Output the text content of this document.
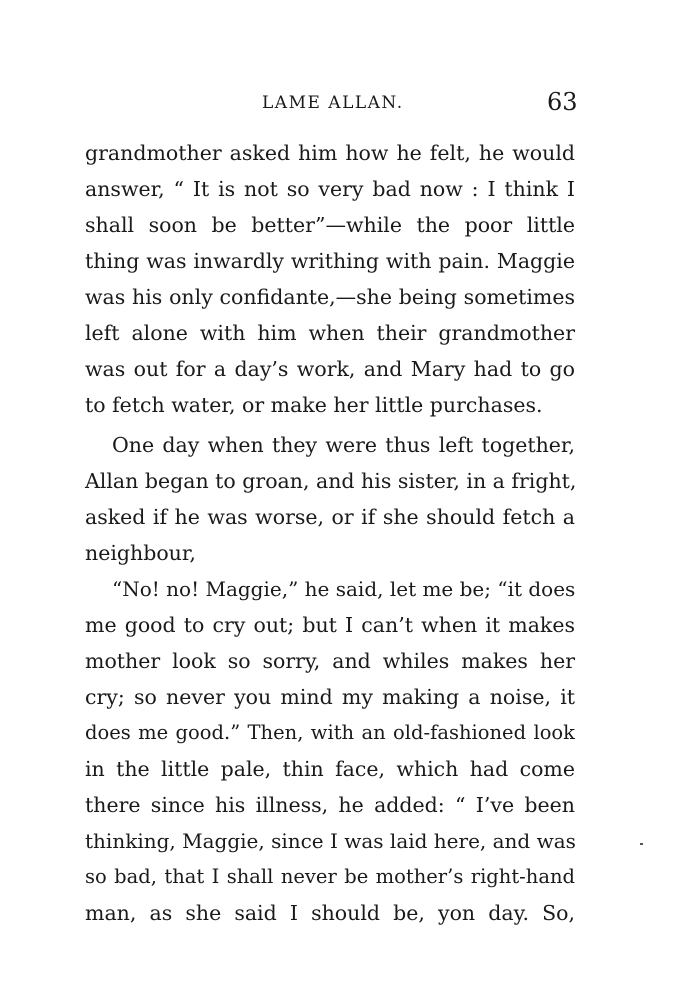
LAME ALLAN.	63
grandmother asked him how he felt, he would
answer, “ It is not so very bad now : I think I
shall soon be better”—while the poor little
thing was inwardly writhing with pain. Maggie
was his only confidante,—she being sometimes
left alone with him when their grandmother
was out for a day’s work, and Mary had to go
to fetch water, or make her little purchases.
One day when they were thus left together,
Allan began to groan, and his sister, in a fright,
asked if he was worse, or if she should fetch a
neighbour,
“No! no! Maggie,” he said, let me be; “it does
me good to cry out; but I can’t when it makes
mother look so sorry, and whiles makes her
cry; so never you mind my making a noise, it
does me good.” Then, with an old-fashioned look
in the little pale, thin face, which had come
there since his illness, he added: “ I’ve been
thinking, Maggie, since I was laid here, and was
so bad, that I shall never be mother’s right-hand
man, as she said I should be, yon day. So,
